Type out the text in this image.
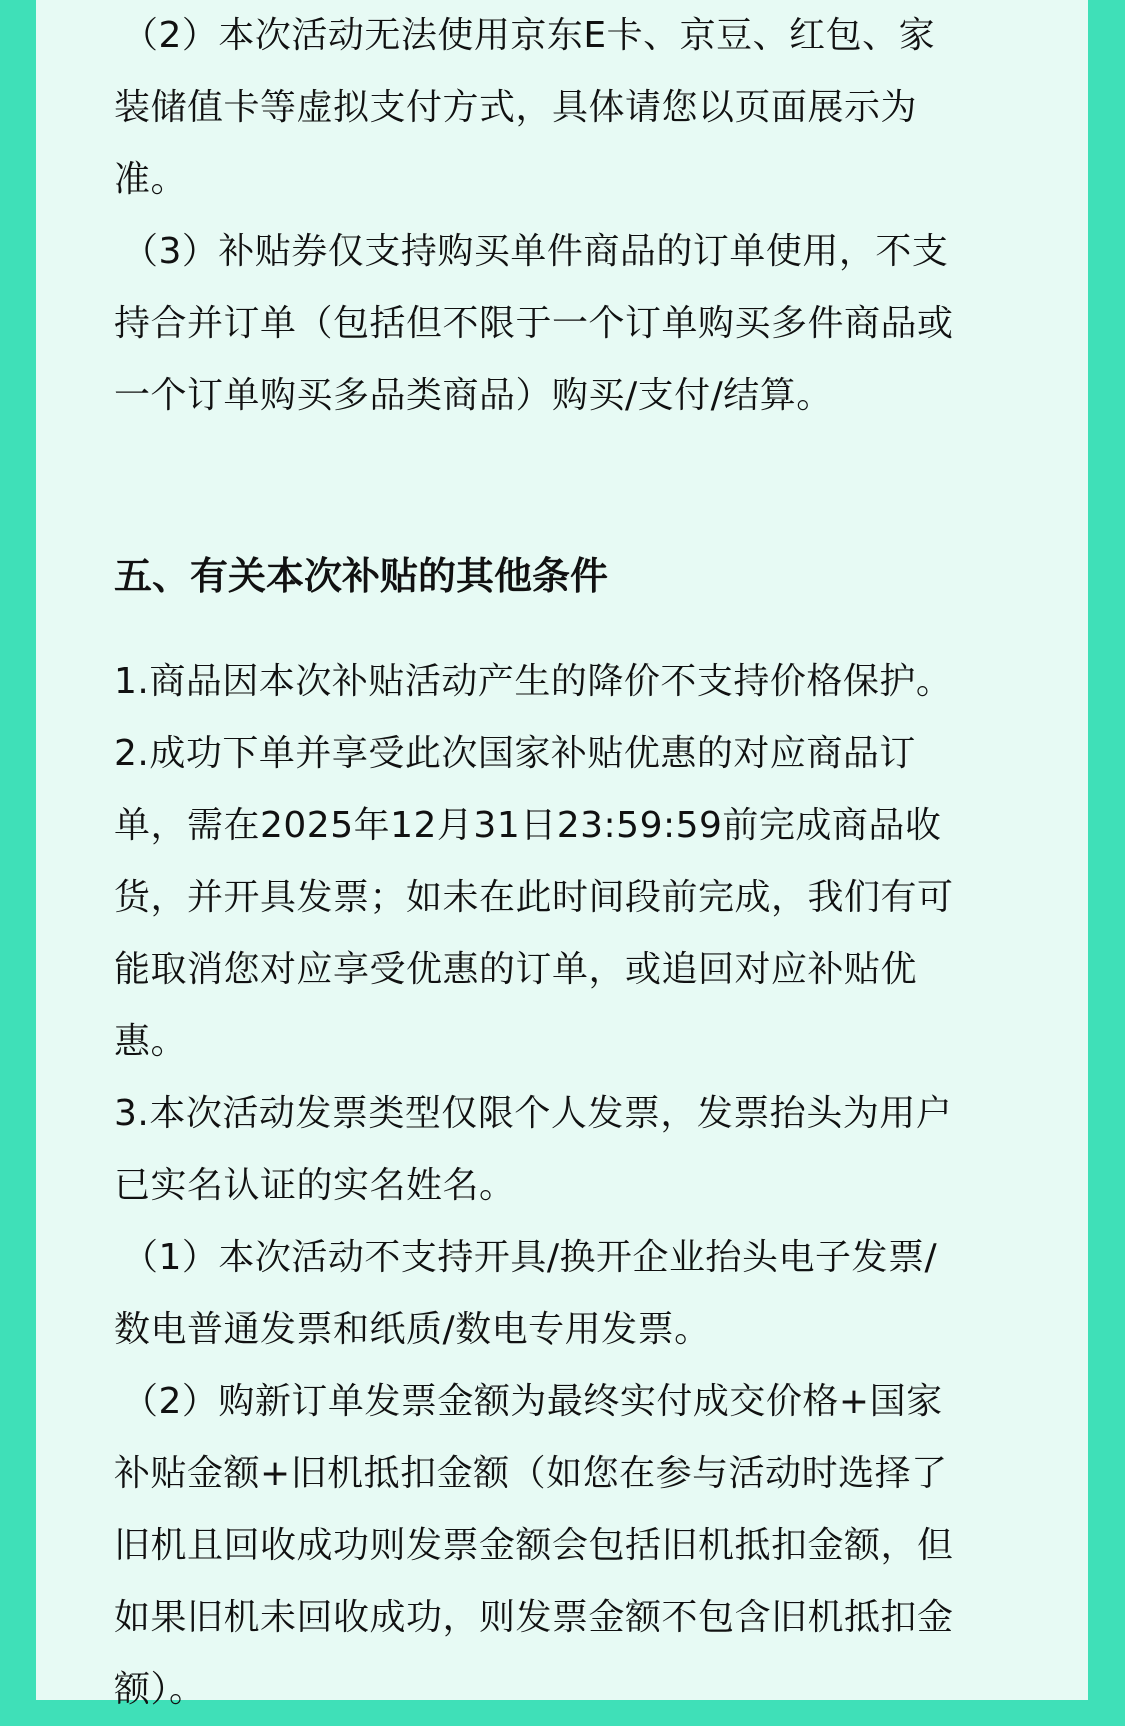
（2）本次活动无法使用京东E卡、京豆、红包、家
装储值卡等虚拟支付方式，具体请您以页面展示为
准。
（3）补贴券仅支持购买单件商品的订单使用，不支
持合并订单（包括但不限于一个订单购买多件商品或
一个订单购买多品类商品）购买/支付/结算。
五、有关本次补贴的其他条件
1.商品因本次补贴活动产生的降价不支持价格保护。
2.成功下单并享受此次国家补贴优惠的对应商品订
单，需在2025年12月31日23:59:59前完成商品收
货，并开具发票；如未在此时间段前完成，我们有可
能取消您对应享受优惠的订单，或追回对应补贴优
惠。
3.本次活动发票类型仅限个人发票，发票抬头为用户
已实名认证的实名姓名。
（1）本次活动不支持开具/换开企业抬头电子发票/
数电普通发票和纸质/数电专用发票。
（2）购新订单发票金额为最终实付成交价格+国家
补贴金额+旧机抵扣金额（如您在参与活动时选择了
旧机且回收成功则发票金额会包括旧机抵扣金额，但
如果旧机未回收成功，则发票金额不包含旧机抵扣金
额）。
